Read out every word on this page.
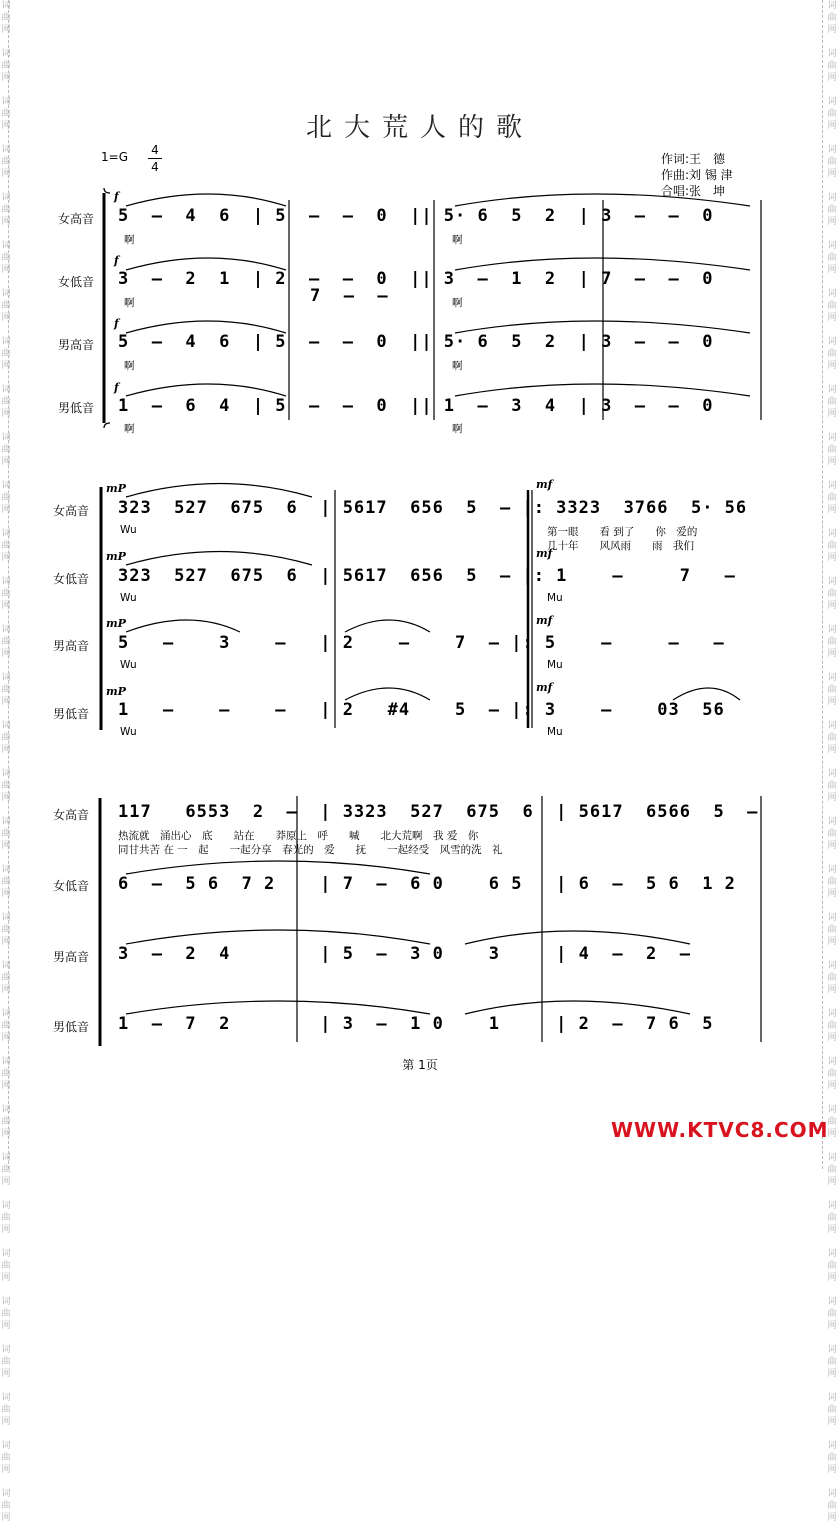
词
曲
网
词
曲
网
词
曲
网
词
曲
网
词
曲
网
词
曲
网
词
曲
网
词
曲
网
词
曲
网
词
曲
网
词
曲
网
词
曲
网
词
曲
网
词
曲
网
词
曲
网
词
曲
网
词
曲
网
词
曲
网
词
曲
网
词
曲
网
词
曲
网
词
曲
网
词
曲
网
词
曲
网
词
曲
网
词
曲
网
词
曲
网
词
曲
网
词
曲
网
词
曲
网
词
曲
网
词
曲
网
词
曲
网
词
曲
网
词
曲
网
词
曲
网
词
曲
网
词
曲
网
词
曲
网
词
曲
网
词
曲
网
词
曲
网
词
曲
网
词
曲
网
词
曲
网
词
曲
网
词
曲
网
词
曲
网
词
曲
网
词
曲
网
词
曲
网
词
曲
网
词
曲
网
词
曲
网
词
曲
网
词
曲
网
词
曲
网
词
曲
网
词
曲
网
词
曲
网
词
曲
网
词
曲
网
词
曲
网
词
曲
网
北大荒人的歌
1=G 4
4
作词:王　德
作曲:刘 锡 津
合唱:张　坤
女高音
女低音
男高音
男低音
女高音
女低音
男高音
男低音
女高音
女低音
男高音
男低音
f
f
f
f
mP
mP
mP
mP
mf
mf
mf
mf
5  –  4  6  | 5  –  –  0  || 5· 6  5  2  | 3  –  –  0
3  –  2  1  | 2  –  –  0  || 3  –  1  2  | 7  –  –  0
7  –  –
5  –  4  6  | 5  –  –  0  || 5· 6  5  2  | 3  –  –  0
1  –  6  4  | 5  –  –  0  || 1  –  3  4  | 3  –  –  0
啊	啊
啊	啊
啊	啊
啊	啊
323  527  675  6  | 5617  656  5  – |: 3323  3766  5· 56
323  527  675  6  | 5617  656  5  – |: 1    –     7   –
5   –    3    –   | 2    –    7  – |: 5    –     –   –
1   –    –    –   | 2   #4    5  – |: 3    –    03  56
Wu
Wu
Wu
Wu
第一眼　　看 到了　　你　爱的
几十年　　风风雨　　雨　我们
Mu
Mu
Mu
117   6553  2  –  | 3323  527  675  6  | 5617  6566  5  –
热流就　涌出心　底　　站在　　莽原上　呼　　喊　　北大荒啊　我 爱　你
同甘共苦 在 一　起　　一起分享　春光的　爱　　抚　　一起经受　风雪的洗　礼
6  –  5 6  7 2    | 7  –  6 0    6 5   | 6  –  5 6  1 2
3  –  2  4        | 5  –  3 0    3     | 4  –  2  –
1  –  7  2        | 3  –  1 0    1     | 2  –  7 6  5
第 1页
WWW.KTVC8.COM
